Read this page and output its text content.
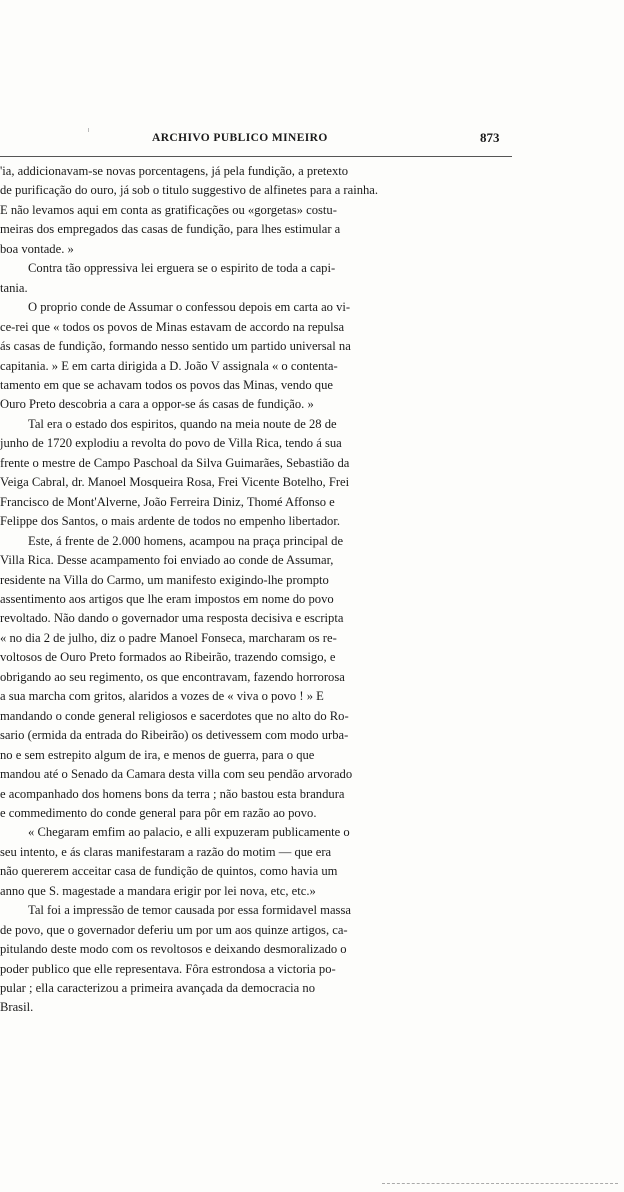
ARCHIVO PUBLICO MINEIRO	873

'ia, addicionavam-se novas porcentagens, já pela fundição, a pretexto
de purificação do ouro, já sob o titulo suggestivo de alfinetes para a rainha.
E não levamos aqui em conta as gratificações ou «gorgetas» costu-
meiras dos empregados das casas de fundição, para lhes estimular a
boa vontade. »

Contra tão oppressiva lei erguera se o espirito de toda a capi-
tania.

O proprio conde de Assumar o confessou depois em carta ao vi-
ce-rei que « todos os povos de Minas estavam de accordo na repulsa
ás casas de fundição, formando nesso sentido um partido universal na
capitania. » E em carta dirigida a D. João V assignala « o contenta-
tamento em que se achavam todos os povos das Minas, vendo que
Ouro Preto descobria a cara a oppor-se ás casas de fundição. »

Tal era o estado dos espiritos, quando na meia noute de 28 de
junho de 1720 explodiu a revolta do povo de Villa Rica, tendo á sua
frente o mestre de Campo Paschoal da Silva Guimarães, Sebastião da
Veiga Cabral, dr. Manoel Mosqueira Rosa, Frei Vicente Botelho, Frei
Francisco de Mont'Alverne, João Ferreira Diniz, Thomé Affonso e
Felippe dos Santos, o mais ardente de todos no empenho libertador.

Este, á frente de 2.000 homens, acampou na praça principal de
Villa Rica. Desse acampamento foi enviado ao conde de Assumar,
residente na Villa do Carmo, um manifesto exigindo-lhe prompto
assentimento aos artigos que lhe eram impostos em nome do povo
revoltado. Não dando o governador uma resposta decisiva e escripta
« no dia 2 de julho, diz o padre Manoel Fonseca, marcharam os re-
voltosos de Ouro Preto formados ao Ribeirão, trazendo comsigo, e
obrigando ao seu regimento, os que encontravam, fazendo horrorosa
a sua marcha com gritos, alaridos a vozes de « viva o povo ! » E
mandando o conde general religiosos e sacerdotes que no alto do Ro-
sario (ermida da entrada do Ribeirão) os detivessem com modo urba-
no e sem estrepito algum de ira, e menos de guerra, para o que
mandou até o Senado da Camara desta villa com seu pendão arvorado
e acompanhado dos homens bons da terra ; não bastou esta brandura
e commedimento do conde general para pôr em razão ao povo.

« Chegaram emfim ao palacio, e alli expuzeram publicamente o
seu intento, e ás claras manifestaram a razão do motim — que era
não quererem acceitar casa de fundição de quintos, como havia um
anno que S. magestade a mandara erigir por lei nova, etc, etc.»

Tal foi a impressão de temor causada por essa formidavel massa
de povo, que o governador deferiu um por um aos quinze artigos, ca-
pitulando deste modo com os revoltosos e deixando desmoralizado o
poder publico que elle representava. Fôra estrondosa a victoria po-
pular ; ella caracterizou a primeira avançada da democracia no
Brasil.
